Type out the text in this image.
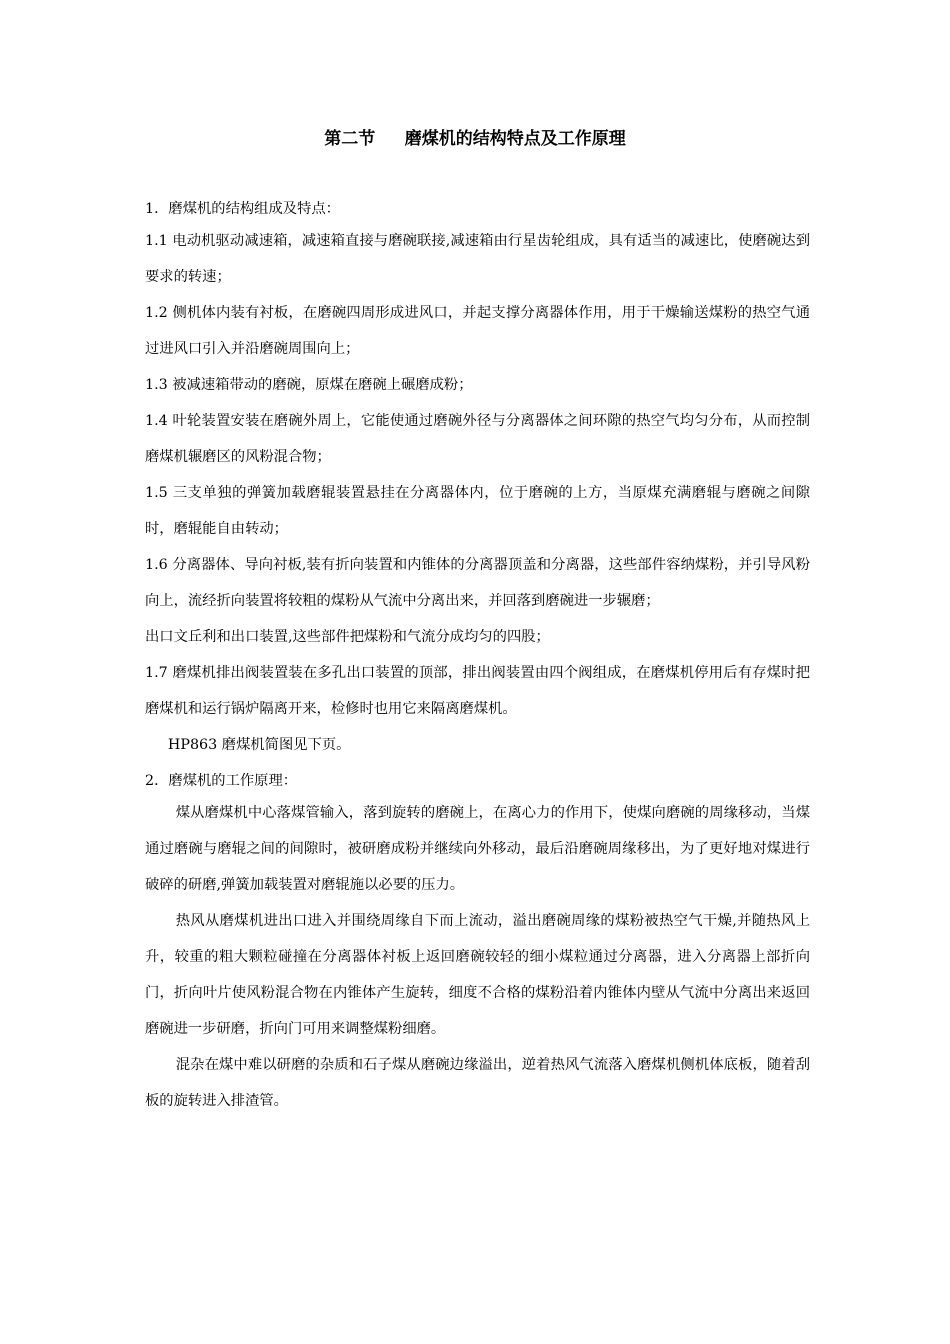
第二节     磨煤机的结构特点及工作原理

1．磨煤机的结构组成及特点：

1.1 电动机驱动减速箱，减速箱直接与磨碗联接,减速箱由行星齿轮组成，具有适当的减速比，使磨碗达到要求的转速；

1.2 侧机体内装有衬板，在磨碗四周形成进风口，并起支撑分离器体作用，用于干燥输送煤粉的热空气通过进风口引入并沿磨碗周围向上；

1.3 被减速箱带动的磨碗，原煤在磨碗上碾磨成粉；

1.4 叶轮装置安装在磨碗外周上，它能使通过磨碗外径与分离器体之间环隙的热空气均匀分布，从而控制磨煤机辗磨区的风粉混合物；

1.5 三支单独的弹簧加载磨辊装置悬挂在分离器体内，位于磨碗的上方，当原煤充满磨辊与磨碗之间隙时，磨辊能自由转动；

1.6 分离器体、导向衬板,装有折向装置和内锥体的分离器顶盖和分离器，这些部件容纳煤粉，并引导风粉向上，流经折向装置将较粗的煤粉从气流中分离出来，并回落到磨碗进一步辗磨；

出口文丘利和出口装置,这些部件把煤粉和气流分成均匀的四股；

1.7 磨煤机排出阀装置装在多孔出口装置的顶部，排出阀装置由四个阀组成，在磨煤机停用后有存煤时把磨煤机和运行锅炉隔离开来，检修时也用它来隔离磨煤机。

HP863 磨煤机简图见下页。

2．磨煤机的工作原理：

煤从磨煤机中心落煤管输入，落到旋转的磨碗上，在离心力的作用下，使煤向磨碗的周缘移动，当煤通过磨碗与磨辊之间的间隙时，被研磨成粉并继续向外移动，最后沿磨碗周缘移出，为了更好地对煤进行破碎的研磨,弹簧加载装置对磨辊施以必要的压力。

热风从磨煤机进出口进入并围绕周缘自下而上流动，溢出磨碗周缘的煤粉被热空气干燥,并随热风上升，较重的粗大颗粒碰撞在分离器体衬板上返回磨碗较轻的细小煤粒通过分离器，进入分离器上部折向门，折向叶片使风粉混合物在内锥体产生旋转，细度不合格的煤粉沿着内锥体内壁从气流中分离出来返回磨碗进一步研磨，折向门可用来调整煤粉细磨。

混杂在煤中难以研磨的杂质和石子煤从磨碗边缘溢出，逆着热风气流落入磨煤机侧机体底板，随着刮板的旋转进入排渣管。
